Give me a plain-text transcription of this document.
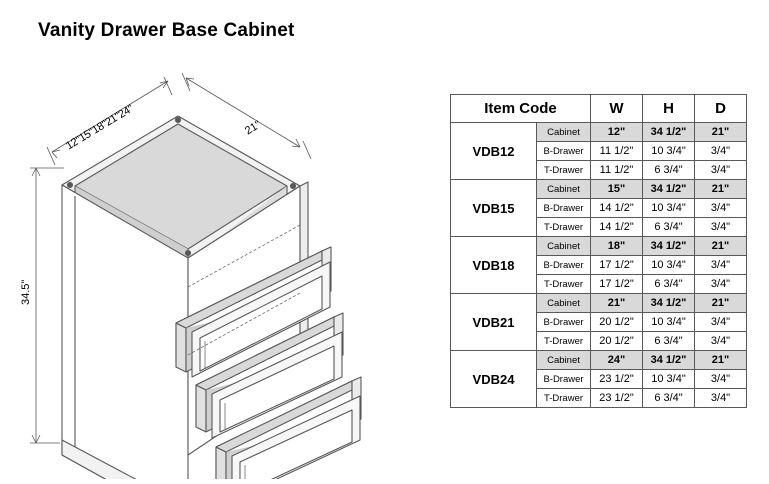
Vanity Drawer Base Cabinet
12"15"18"21"24"	21"
34.5"
Item Code		W	H	D
VDB12	Cabinet	12"	34 1/2"	21"
	B-Drawer	11 1/2"	10 3/4"	3/4"
	T-Drawer	11 1/2"	6 3/4"	3/4"
VDB15	Cabinet	15"	34 1/2"	21"
	B-Drawer	14 1/2"	10 3/4"	3/4"
	T-Drawer	14 1/2"	6 3/4"	3/4"
VDB18	Cabinet	18"	34 1/2"	21"
	B-Drawer	17 1/2"	10 3/4"	3/4"
	T-Drawer	17 1/2"	6 3/4"	3/4"
VDB21	Cabinet	21"	34 1/2"	21"
	B-Drawer	20 1/2"	10 3/4"	3/4"
	T-Drawer	20 1/2"	6 3/4"	3/4"
VDB24	Cabinet	24"	34 1/2"	21"
	B-Drawer	23 1/2"	10 3/4"	3/4"
	T-Drawer	23 1/2"	6 3/4"	3/4"
